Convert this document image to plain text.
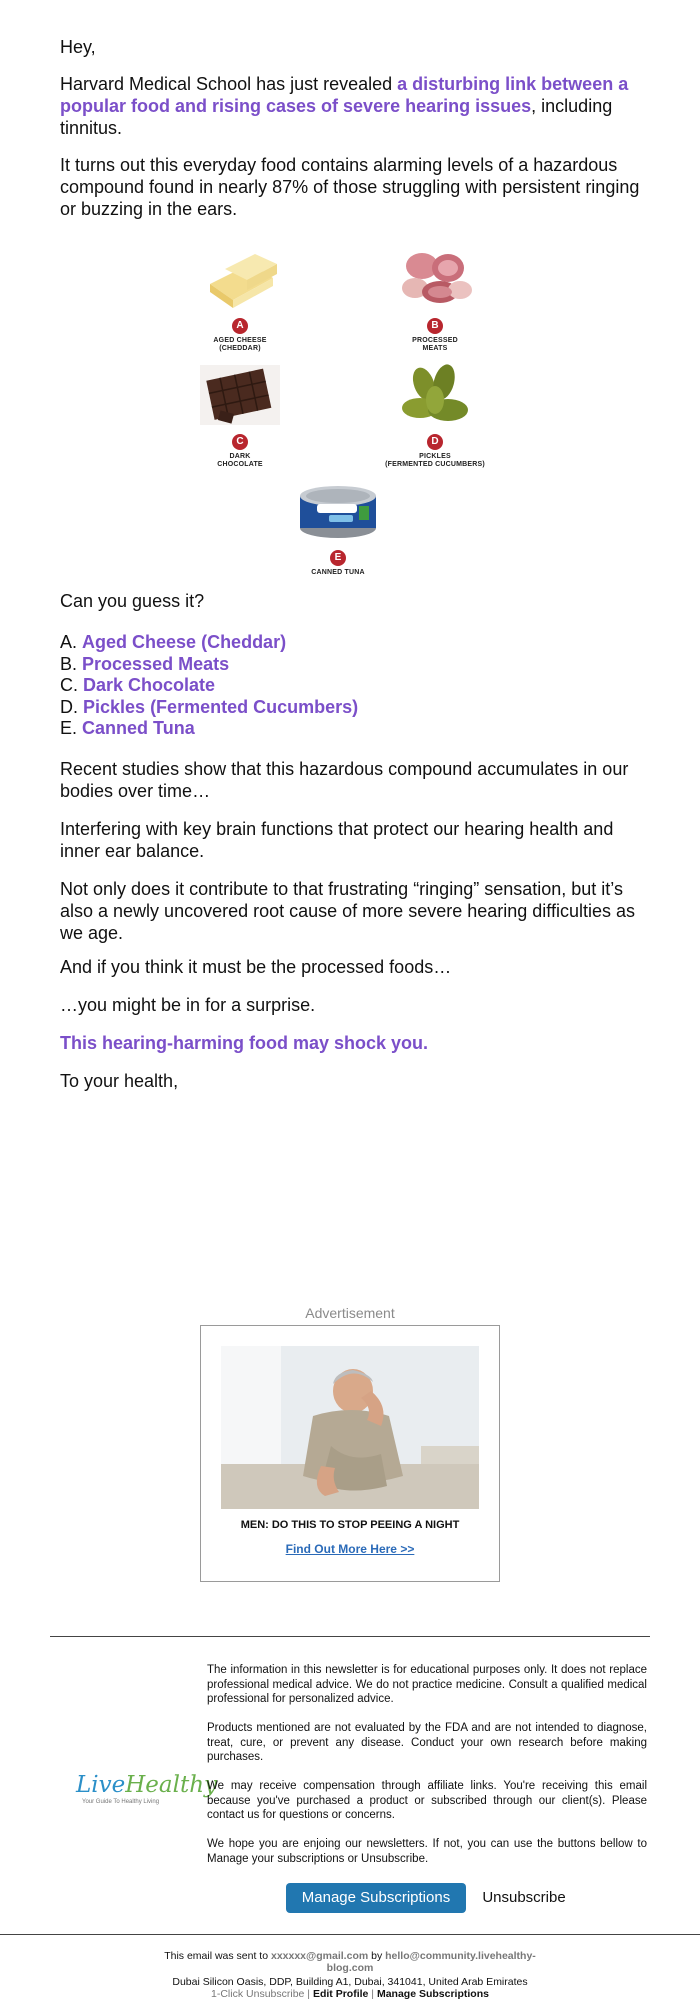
Hey,

Harvard Medical School has just revealed a disturbing link between a popular food and rising cases of severe hearing issues, including tinnitus.

It turns out this everyday food contains alarming levels of a hazardous compound found in nearly 87% of those struggling with persistent ringing or buzzing in the ears.

A
AGED CHEESE
(CHEDDAR)
B
PROCESSED
MEATS
C
DARK
CHOCOLATE
D
PICKLES
(FERMENTED CUCUMBERS)
E
CANNED TUNA

Can you guess it?

A. Aged Cheese (Cheddar)
B. Processed Meats
C. Dark Chocolate
D. Pickles (Fermented Cucumbers)
E. Canned Tuna

Recent studies show that this hazardous compound accumulates in our bodies over time…

Interfering with key brain functions that protect our hearing health and inner ear balance.

Not only does it contribute to that frustrating “ringing” sensation, but it’s also a newly uncovered root cause of more severe hearing difficulties as we age.

And if you think it must be the processed foods…

…you might be in for a surprise.

This hearing-harming food may shock you.

To your health,

Advertisement
MEN: DO THIS TO STOP PEEING A NIGHT
Find Out More Here >>
LiveHealthy
Your Guide To Healthy Living

The information in this newsletter is for educational purposes only. It does not replace professional medical advice. We do not practice medicine. Consult a qualified medical professional for personalized advice.

Products mentioned are not evaluated by the FDA and are not intended to diagnose, treat, cure, or prevent any disease. Conduct your own research before making purchases.

We may receive compensation through affiliate links. You're receiving this email because you've purchased a product or subscribed through our client(s). Please contact us for questions or concerns.

We hope you are enjoing our newsletters. If not, you can use the buttons bellow to Manage your subscriptions or Unsubscribe.

Manage Subscriptions	Unsubscribe
This email was sent to xxxxxx@gmail.com by hello@community.livehealthy-blog.com
Dubai Silicon Oasis, DDP, Building A1, Dubai, 341041, United Arab Emirates
1-Click Unsubscribe | Edit Profile | Manage Subscriptions
